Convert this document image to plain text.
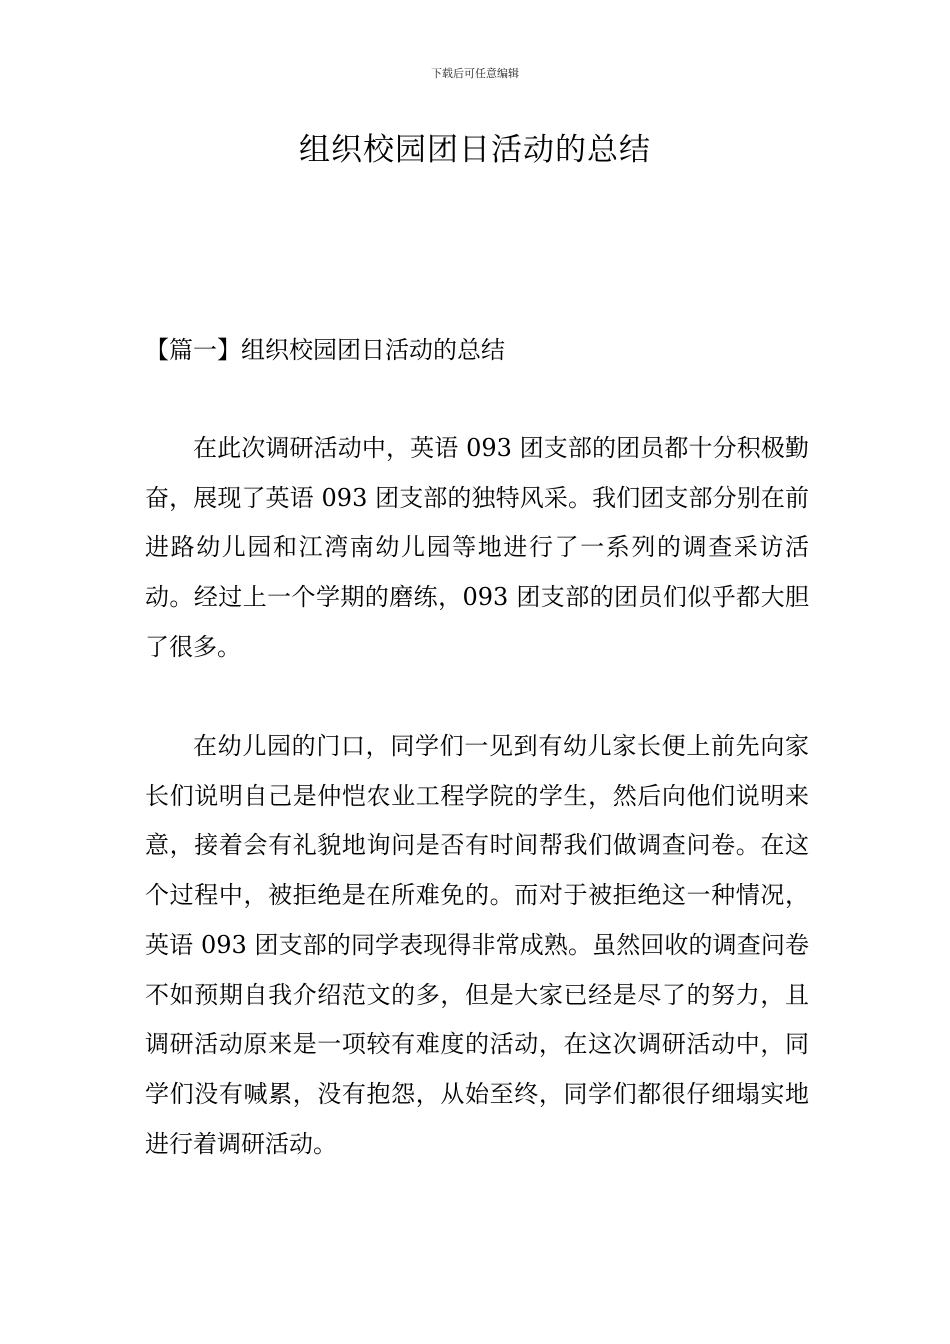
下载后可任意编辑
组织校园团日活动的总结
【篇一】组织校园团日活动的总结

在此次调研活动中，英语 093 团支部的团员都十分积极勤奋，展现了英语 093 团支部的独特风采。我们团支部分别在前进路幼儿园和江湾南幼儿园等地进行了一系列的调查采访活动。经过上一个学期的磨练，093 团支部的团员们似乎都大胆了很多。

在幼儿园的门口，同学们一见到有幼儿家长便上前先向家长们说明自己是仲恺农业工程学院的学生，然后向他们说明来意，接着会有礼貌地询问是否有时间帮我们做调查问卷。在这个过程中，被拒绝是在所难免的。而对于被拒绝这一种情况，英语 093 团支部的同学表现得非常成熟。虽然回收的调查问卷不如预期自我介绍范文的多，但是大家已经是尽了的努力，且调研活动原来是一项较有难度的活动，在这次调研活动中，同学们没有喊累，没有抱怨，从始至终，同学们都很仔细塌实地进行着调研活动。
